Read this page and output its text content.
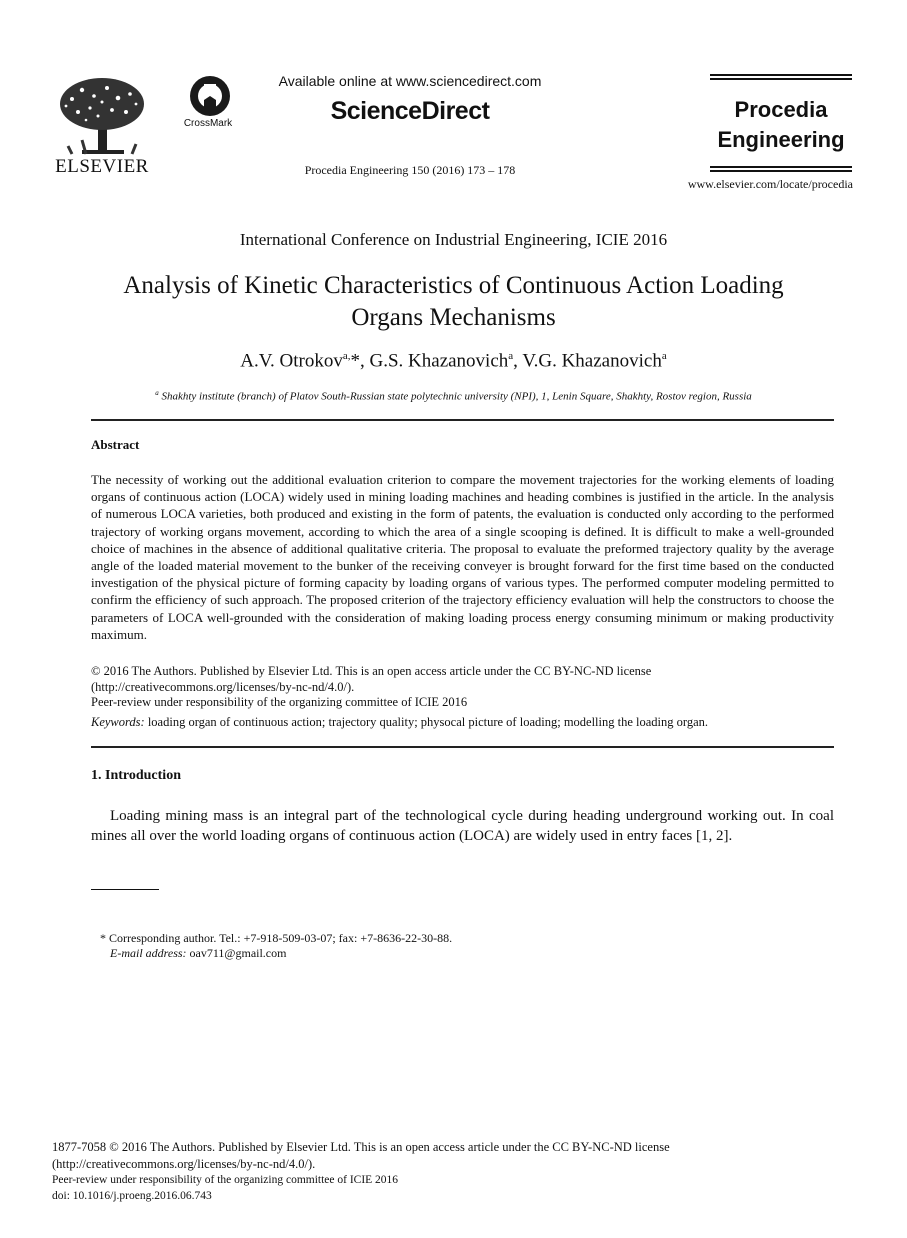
ELSEVIER
CrossMark
Available online at www.sciencedirect.com
ScienceDirect
Procedia Engineering 150 (2016) 173 – 178
Procedia
Engineering
www.elsevier.com/locate/procedia
International Conference on Industrial Engineering, ICIE 2016
Analysis of Kinetic Characteristics of Continuous Action Loading
Organs Mechanisms
A.V. Otrokov$^{a,}$*, G.S. Khazanovich$^a$, V.G. Khazanovich$^a$
$^a$ Shakhty institute (branch) of Platov South-Russian state polytechnic university (NPI), 1, Lenin Square, Shakhty, Rostov region, Russia
Abstract
The necessity of working out the additional evaluation criterion to compare the movement trajectories for the working elements of loading organs of continuous action (LOCA) widely used in mining loading machines and heading combines is justified in the article. In the analysis of numerous LOCA varieties, both produced and existing in the form of patents, the evaluation is conducted only according to the performed trajectory of working organs movement, according to which the area of a single scooping is defined. It is difficult to make a well-grounded choice of machines in the absence of additional qualitative criteria. The proposal to evaluate the preformed trajectory quality by the average angle of the loaded material movement to the bunker of the receiving conveyer is brought forward for the first time based on the conducted investigation of the physical picture of forming capacity by loading organs of various types. The performed computer modeling permitted to confirm the efficiency of such approach. The proposed criterion of the trajectory efficiency evaluation will help the constructors to choose the parameters of LOCA well-grounded with the consideration of making loading process energy consuming minimum or making productivity maximum.
© 2016 The Authors. Published by Elsevier Ltd. This is an open access article under the CC BY-NC-ND license
(http://creativecommons.org/licenses/by-nc-nd/4.0/).
Peer-review under responsibility of the organizing committee of ICIE 2016
Keywords: loading organ of continuous action; trajectory quality; physocal picture of loading; modelling the loading organ.
1. Introduction
Loading mining mass is an integral part of the technological cycle during heading underground working out. In coal mines all over the world loading organs of continuous action (LOCA) are widely used in entry faces [1, 2].
* Corresponding author. Tel.: +7-918-509-03-07; fax: +7-8636-22-30-88.
E-mail address: oav711@gmail.com
1877-7058 © 2016 The Authors. Published by Elsevier Ltd. This is an open access article under the CC BY-NC-ND license
(http://creativecommons.org/licenses/by-nc-nd/4.0/).
Peer-review under responsibility of the organizing committee of ICIE 2016
doi: 10.1016/j.proeng.2016.06.743
